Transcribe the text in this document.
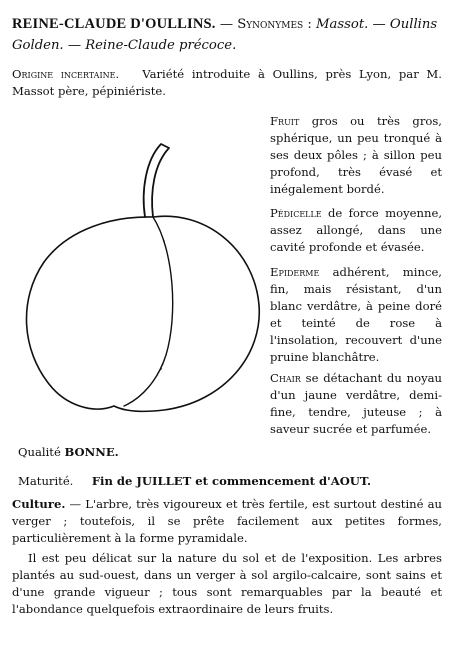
REINE-CLAUDE D'OULLINS. — Synonymes : Massot. — Oullins Golden. — Reine-Claude précoce.
Origine incertaine. Variété introduite à Oullins, près Lyon, par M. Massot père, pépiniériste.
Fruit gros ou très gros, sphérique, un peu tronqué à ses deux pôles ; à sillon peu profond, très évasé et inégalement bordé.
Pédicelle de force moyenne, assez allongé, dans une cavité profonde et évasée.
Epiderme adhérent, mince, fin, mais résistant, d'un blanc verdâtre, à peine doré et teinté de rose à l'insolation, recouvert d'une pruine blanchâtre.
Chair se détachant du noyau d'un jaune verdâtre, demi-fine, tendre, juteuse ; à saveur sucrée et parfumée.
Qualité BONNE.
Maturité. Fin de JUILLET et commencement d'AOUT.
Culture. — L'arbre, très vigoureux et très fertile, est surtout destiné au verger ; toutefois, il se prête facilement aux petites formes, particulièrement à la forme pyramidale.
Il est peu délicat sur la nature du sol et de l'exposition. Les arbres plantés au sud-ouest, dans un verger à sol argilo-calcaire, sont sains et d'une grande vigueur ; tous sont remarquables par la beauté et l'abondance quelquefois extraordinaire de leurs fruits.
